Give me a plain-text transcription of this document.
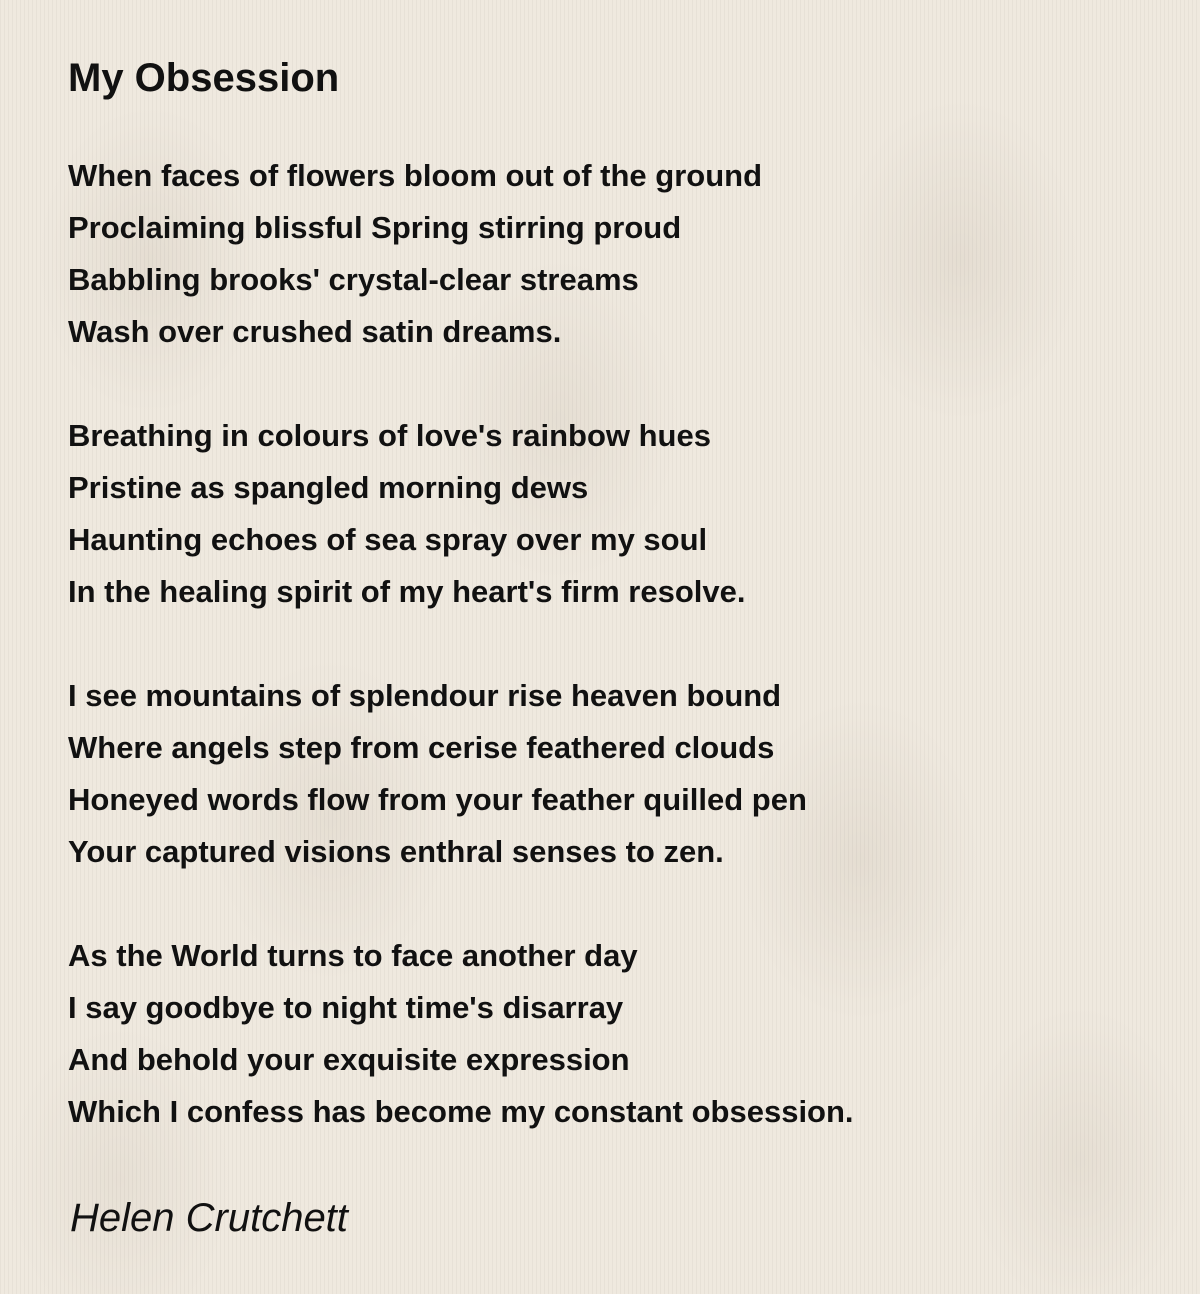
My Obsession
When faces of flowers bloom out of the ground
Proclaiming blissful Spring stirring proud
Babbling brooks' crystal-clear streams
Wash over crushed satin dreams.
Breathing in colours of love's rainbow hues
Pristine as spangled morning dews
Haunting echoes of sea spray over my soul
In the healing spirit of my heart's firm resolve.
I see mountains of splendour rise heaven bound
Where angels step from cerise feathered clouds
Honeyed words flow from your feather quilled pen
Your captured visions enthral senses to zen.
As the World turns to face another day
I say goodbye to night time's disarray
And behold your exquisite expression
Which I confess has become my constant obsession.

Helen Crutchett
